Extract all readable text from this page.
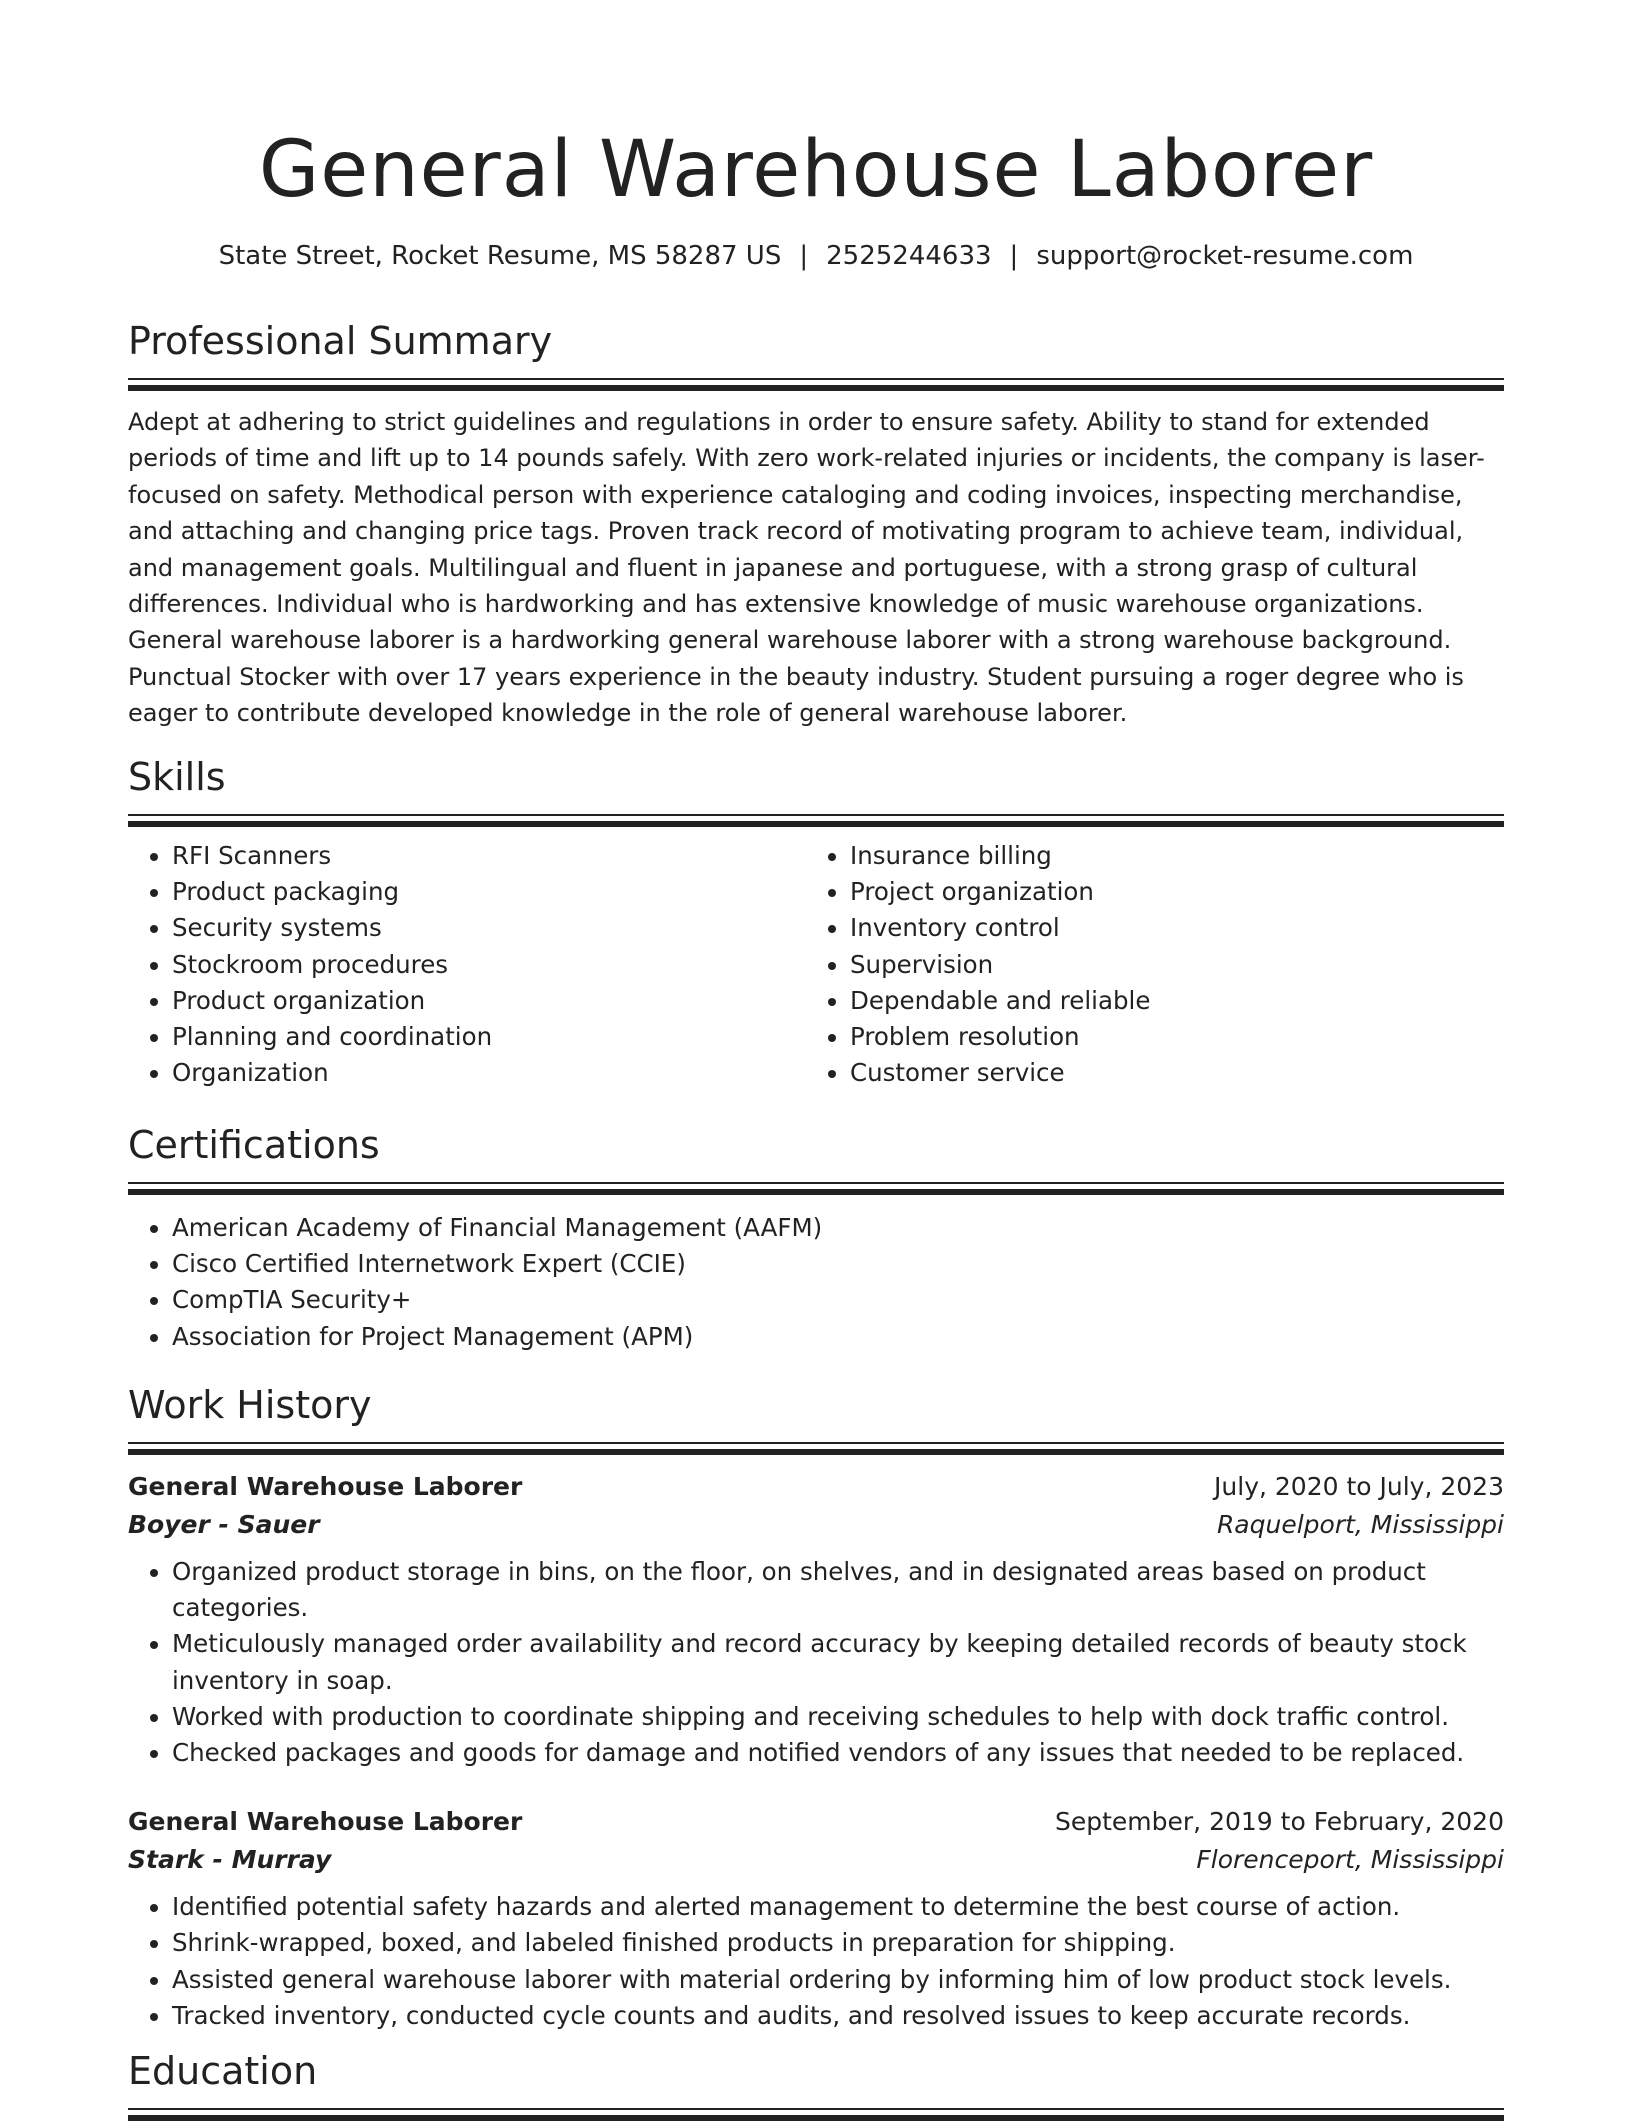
General Warehouse Laborer
State Street, Rocket Resume, MS 58287 US | 2525244633 | support@rocket-resume.com
Professional Summary

Adept at adhering to strict guidelines and regulations in order to ensure safety. Ability to stand for extended periods of time and lift up to 14 pounds safely. With zero work-related injuries or incidents, the company is laser-focused on safety. Methodical person with experience cataloging and coding invoices, inspecting merchandise, and attaching and changing price tags. Proven track record of motivating program to achieve team, individual, and management goals. Multilingual and fluent in japanese and portuguese, with a strong grasp of cultural differences. Individual who is hardworking and has extensive knowledge of music warehouse organizations. General warehouse laborer is a hardworking general warehouse laborer with a strong warehouse background. Punctual Stocker with over 17 years experience in the beauty industry. Student pursuing a roger degree who is eager to contribute developed knowledge in the role of general warehouse laborer.

Skills
• RFI Scanners
• Product packaging
• Security systems
• Stockroom procedures
• Product organization
• Planning and coordination
• Organization
• Insurance billing
• Project organization
• Inventory control
• Supervision
• Dependable and reliable
• Problem resolution
• Customer service
Certifications
• American Academy of Financial Management (AAFM)
• Cisco Certified Internetwork Expert (CCIE)
• CompTIA Security+
• Association for Project Management (APM)
Work History
General Warehouse Laborer	July, 2020 to July, 2023
Boyer - Sauer	Raquelport, Mississippi
• Organized product storage in bins, on the floor, on shelves, and in designated areas based on product categories.
• Meticulously managed order availability and record accuracy by keeping detailed records of beauty stock inventory in soap.
• Worked with production to coordinate shipping and receiving schedules to help with dock traffic control.
• Checked packages and goods for damage and notified vendors of any issues that needed to be replaced.
General Warehouse Laborer	September, 2019 to February, 2020
Stark - Murray	Florenceport, Mississippi
• Identified potential safety hazards and alerted management to determine the best course of action.
• Shrink-wrapped, boxed, and labeled finished products in preparation for shipping.
• Assisted general warehouse laborer with material ordering by informing him of low product stock levels.
• Tracked inventory, conducted cycle counts and audits, and resolved issues to keep accurate records.
Education
